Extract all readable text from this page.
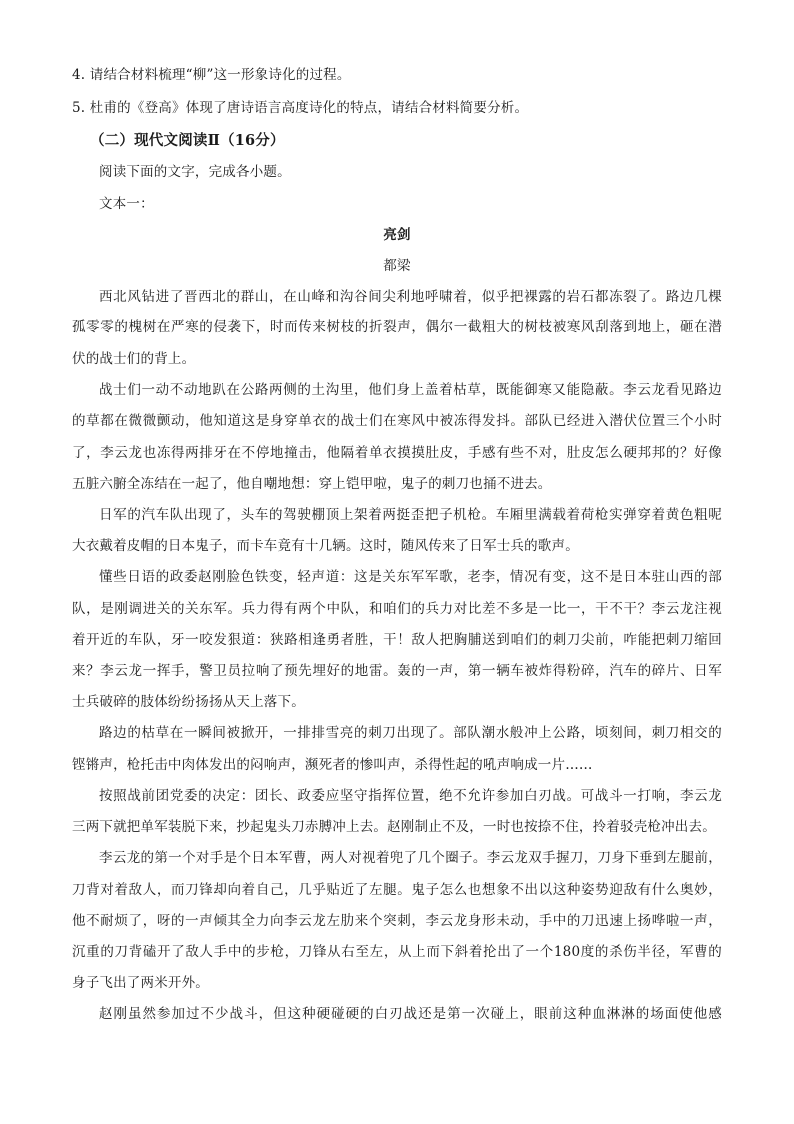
4. 请结合材料梳理“柳”这一形象诗化的过程。
5. 杜甫的《登高》体现了唐诗语言高度诗化的特点，请结合材料简要分析。
（二）现代文阅读Ⅱ（16分）
阅读下面的文字，完成各小题。
文本一：
亮剑
都梁
西北风钻进了晋西北的群山，在山峰和沟谷间尖利地呼啸着，似乎把裸露的岩石都冻裂了。路边几棵
孤零零的槐树在严寒的侵袭下，时而传来树枝的折裂声，偶尔一截粗大的树枝被寒风刮落到地上，砸在潜
伏的战士们的背上。
战士们一动不动地趴在公路两侧的土沟里，他们身上盖着枯草，既能御寒又能隐蔽。李云龙看见路边
的草都在微微颤动，他知道这是身穿单衣的战士们在寒风中被冻得发抖。部队已经进入潜伏位置三个小时
了，李云龙也冻得两排牙在不停地撞击，他隔着单衣摸摸肚皮，手感有些不对，肚皮怎么硬邦邦的？好像
五脏六腑全冻结在一起了，他自嘲地想：穿上铠甲啦，鬼子的刺刀也捅不进去。
日军的汽车队出现了，头车的驾驶棚顶上架着两挺歪把子机枪。车厢里满载着荷枪实弹穿着黄色粗呢
大衣戴着皮帽的日本鬼子，而卡车竟有十几辆。这时，随风传来了日军士兵的歌声。
懂些日语的政委赵刚脸色铁变，轻声道：这是关东军军歌，老李，情况有变，这不是日本驻山西的部
队，是刚调进关的关东军。兵力得有两个中队，和咱们的兵力对比差不多是一比一，干不干？李云龙注视
着开近的车队，牙一咬发狠道：狭路相逢勇者胜，干！敌人把胸脯送到咱们的刺刀尖前，咋能把刺刀缩回
来？李云龙一挥手，警卫员拉响了预先埋好的地雷。轰的一声，第一辆车被炸得粉碎，汽车的碎片、日军
士兵破碎的肢体纷纷扬扬从天上落下。
路边的枯草在一瞬间被掀开，一排排雪亮的刺刀出现了。部队潮水般冲上公路，顷刻间，刺刀相交的
铿锵声，枪托击中肉体发出的闷响声，濒死者的惨叫声，杀得性起的吼声响成一片……
按照战前团党委的决定：团长、政委应坚守指挥位置，绝不允许参加白刃战。可战斗一打响，李云龙
三两下就把单军装脱下来，抄起鬼头刀赤膊冲上去。赵刚制止不及，一时也按捺不住，拎着驳壳枪冲出去。
李云龙的第一个对手是个日本军曹，两人对视着兜了几个圈子。李云龙双手握刀，刀身下垂到左腿前，
刀背对着敌人，而刀锋却向着自己，几乎贴近了左腿。鬼子怎么也想象不出以这种姿势迎敌有什么奥妙，
他不耐烦了，呀的一声倾其全力向李云龙左肋来个突刺，李云龙身形未动，手中的刀迅速上扬哗啦一声，
沉重的刀背磕开了敌人手中的步枪，刀锋从右至左，从上而下斜着抡出了一个180度的杀伤半径，军曹的
身子飞出了两米开外。
赵刚虽然参加过不少战斗，但这种硬碰硬的白刃战还是第一次碰上，眼前这种血淋淋的场面使他感
